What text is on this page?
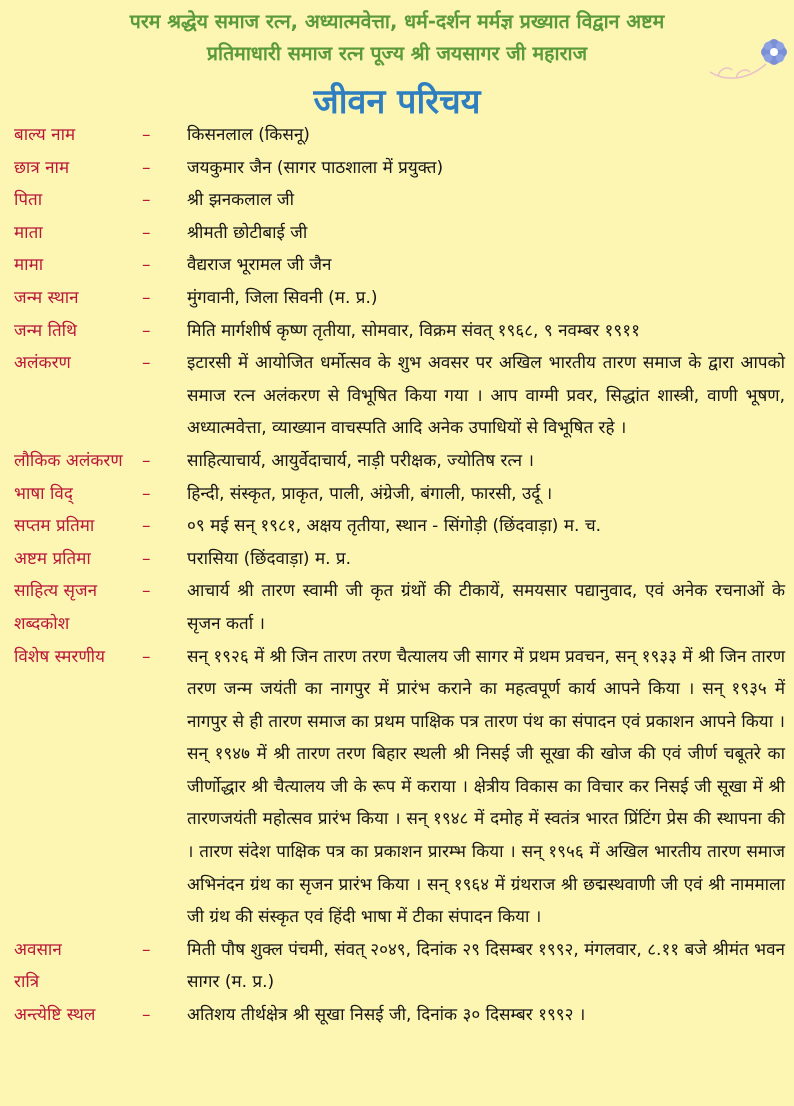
परम श्रद्धेय समाज रत्न, अध्यात्मवेत्ता, धर्म-दर्शन मर्मज्ञ प्रख्यात विद्वान अष्टम
प्रतिमाधारी समाज रत्न पूज्य श्री जयसागर जी महाराज
जीवन परिचय
बाल्य नाम	–	किसनलाल (किसनू)
छात्र नाम	–	जयकुमार जैन (सागर पाठशाला में प्रयुक्त)
पिता	–	श्री झनकलाल जी
माता	–	श्रीमती छोटीबाई जी
मामा	–	वैद्यराज भूरामल जी जैन
जन्म स्थान	–	मुंगवानी, जिला सिवनी (म. प्र.)
जन्म तिथि	–	मिति मार्गशीर्ष कृष्ण तृतीया, सोमवार, विक्रम संवत् १९६८, ९ नवम्बर १९११
अलंकरण	–	इटारसी में आयोजित धर्मोत्सव के शुभ अवसर पर अखिल भारतीय तारण समाज के द्वारा आपको समाज रत्न अलंकरण से विभूषित किया गया । आप वाग्मी प्रवर, सिद्धांत शास्त्री, वाणी भूषण, अध्यात्मवेत्ता, व्याख्यान वाचस्पति आदि अनेक उपाधियों से विभूषित रहे ।
लौकिक अलंकरण	–	साहित्याचार्य, आयुर्वेदाचार्य, नाड़ी परीक्षक, ज्योतिष रत्न ।
भाषा विद्	–	हिन्दी, संस्कृत, प्राकृत, पाली, अंग्रेजी, बंगाली, फारसी, उर्दू ।
सप्तम प्रतिमा	–	०९ मई सन् १९८१, अक्षय तृतीया, स्थान - सिंगोड़ी (छिंदवाड़ा) म. च.
अष्टम प्रतिमा	–	परासिया (छिंदवाड़ा) म. प्र.
साहित्य सृजन	–	आचार्य श्री तारण स्वामी जी कृत ग्रंथों की टीकायें, समयसार पद्यानुवाद, एवं अनेक रचनाओं के सृजन कर्ता ।
शब्दकोश
विशेष स्मरणीय	–	सन् १९२६ में श्री जिन तारण तरण चैत्यालय जी सागर में प्रथम प्रवचन, सन् १९३३ में श्री जिन तारण तरण जन्म जयंती का नागपुर में प्रारंभ कराने का महत्वपूर्ण कार्य आपने किया । सन् १९३५ में नागपुर से ही तारण समाज का प्रथम पाक्षिक पत्र तारण पंथ का संपादन एवं प्रकाशन आपने किया । सन् १९४७ में श्री तारण तरण बिहार स्थली श्री निसई जी सूखा की खोज की एवं जीर्ण चबूतरे का जीर्णोद्धार श्री चैत्यालय जी के रूप में कराया । क्षेत्रीय विकास का विचार कर निसई जी सूखा में श्री तारणजयंती महोत्सव प्रारंभ किया । सन् १९४८ में दमोह में स्वतंत्र भारत प्रिंटिंग प्रेस की स्थापना की । तारण संदेश पाक्षिक पत्र का प्रकाशन प्रारम्भ किया । सन् १९५६ में अखिल भारतीय तारण समाज अभिनंदन ग्रंथ का सृजन प्रारंभ किया । सन् १९६४ में ग्रंथराज श्री छद्मस्थवाणी जी एवं श्री नाममाला जी ग्रंथ की संस्कृत एवं हिंदी भाषा में टीका संपादन किया ।
अवसान	–	मिती पौष शुक्ल पंचमी, संवत् २०४९, दिनांक २९ दिसम्बर १९९२, मंगलवार, ८.११ बजे श्रीमंत भवन सागर (म. प्र.)
रात्रि
अन्त्येष्टि स्थल	–	अतिशय तीर्थक्षेत्र श्री सूखा निसई जी, दिनांक ३० दिसम्बर १९९२ ।
